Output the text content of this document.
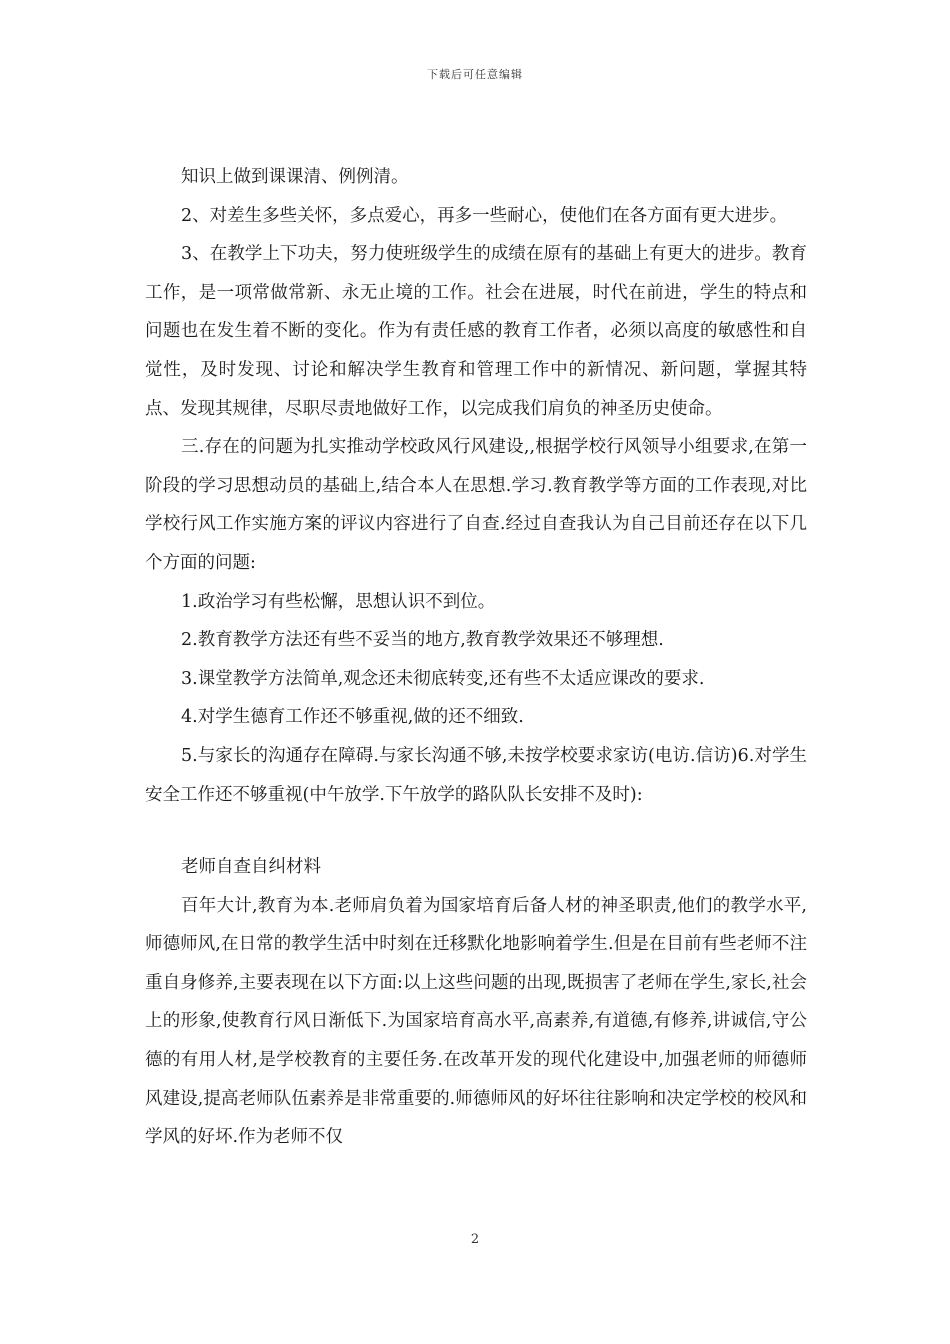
下载后可任意编辑

知识上做到课课清、例例清。

2、对差生多些关怀，多点爱心，再多一些耐心，使他们在各方面有更大进步。

3、在教学上下功夫，努力使班级学生的成绩在原有的基础上有更大的进步。教育工作，是一项常做常新、永无止境的工作。社会在进展，时代在前进，学生的特点和问题也在发生着不断的变化。作为有责任感的教育工作者，必须以高度的敏感性和自觉性，及时发现、讨论和解决学生教育和管理工作中的新情况、新问题，掌握其特点、发现其规律，尽职尽责地做好工作，以完成我们肩负的神圣历史使命。

三.存在的问题为扎实推动学校政风行风建设,,根据学校行风领导小组要求,在第一阶段的学习思想动员的基础上,结合本人在思想.学习.教育教学等方面的工作表现,对比学校行风工作实施方案的评议内容进行了自查.经过自查我认为自己目前还存在以下几个方面的问题:

1.政治学习有些松懈，思想认识不到位。

2.教育教学方法还有些不妥当的地方,教育教学效果还不够理想.

3.课堂教学方法简单,观念还未彻底转变,还有些不太适应课改的要求.

4.对学生德育工作还不够重视,做的还不细致.

5.与家长的沟通存在障碍.与家长沟通不够,未按学校要求家访(电访.信访)6.对学生安全工作还不够重视(中午放学.下午放学的路队队长安排不及时):

老师自查自纠材料

百年大计,教育为本.老师肩负着为国家培育后备人材的神圣职责,他们的教学水平,师德师风,在日常的教学生活中时刻在迁移默化地影响着学生.但是在目前有些老师不注重自身修养,主要表现在以下方面:以上这些问题的出现,既损害了老师在学生,家长,社会上的形象,使教育行风日渐低下.为国家培育高水平,高素养,有道德,有修养,讲诚信,守公德的有用人材,是学校教育的主要任务.在改革开发的现代化建设中,加强老师的师德师风建设,提高老师队伍素养是非常重要的.师德师风的好坏往往影响和决定学校的校风和学风的好坏.作为老师不仅

2
